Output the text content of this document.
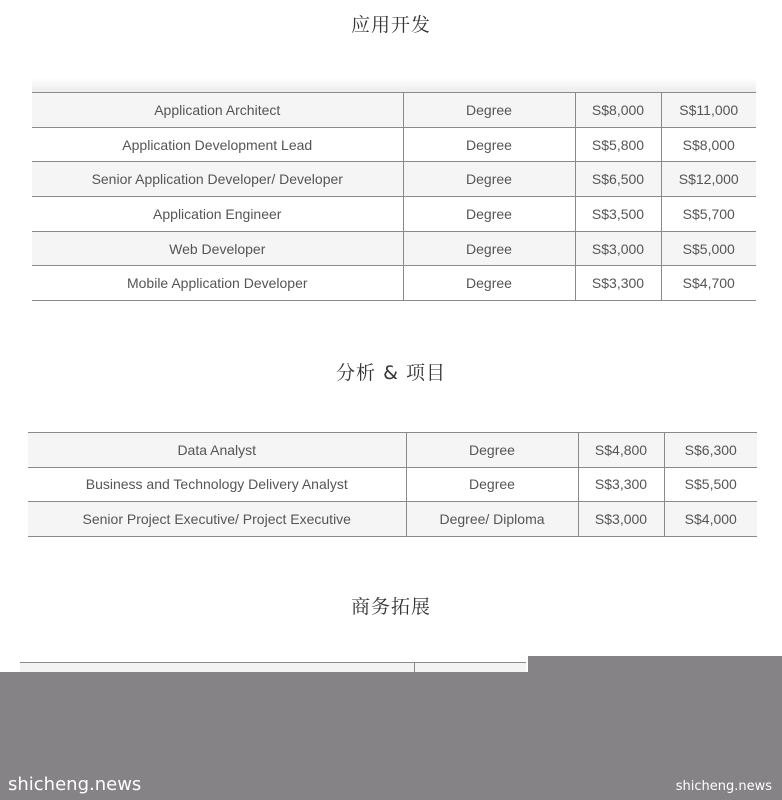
应用开发
Application Architect	Degree	S$8,000	S$11,000
Application Development Lead	Degree	S$5,800	S$8,000
Senior Application Developer/ Developer	Degree	S$6,500	S$12,000
Application Engineer	Degree	S$3,500	S$5,700
Web Developer	Degree	S$3,000	S$5,000
Mobile Application Developer	Degree	S$3,300	S$4,700
分析 & 项目
Data Analyst	Degree	S$4,800	S$6,300
Business and Technology Delivery Analyst	Degree	S$3,300	S$5,500
Senior Project Executive/ Project Executive	Degree/ Diploma	S$3,000	S$4,000
商务拓展
shicheng.news	shicheng.news
